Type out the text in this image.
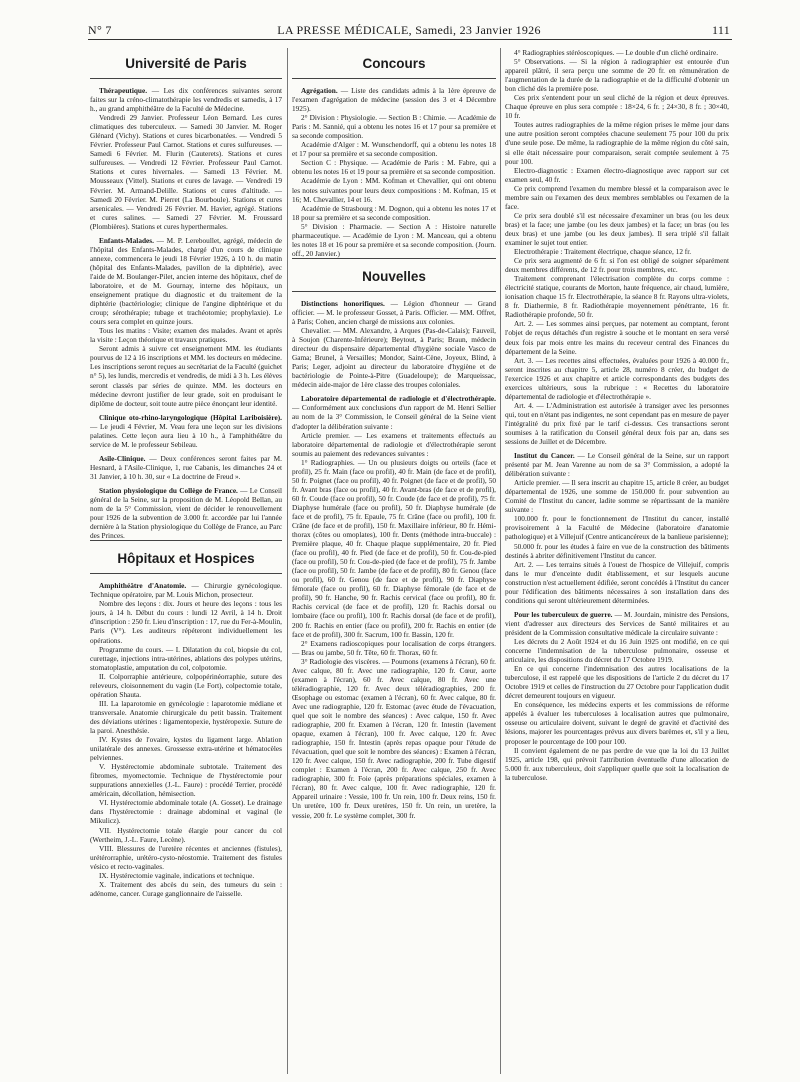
N° 7	LA PRESSE MÉDICALE, Samedi, 23 Janvier 1926	111
Université de Paris

Thérapeutique. — Les dix conférences suivantes seront faites sur la créno-climatothérapie les vendredis et samedis, à 17 h., au grand amphithéâtre de la Faculté de Médecine.

Vendredi 29 Janvier. Professeur Léon Bernard. Les cures climatiques des tuberculeux. — Samedi 30 Janvier. M. Roger Glénard (Vichy). Stations et cures bicarbonatées. — Vendredi 5 Février. Professeur Paul Carnot. Stations et cures sulfureuses. — Samedi 6 Février. M. Flurin (Cauterets). Stations et cures sulfureuses. — Vendredi 12 Février. Professeur Paul Carnot. Stations et cures hivernales. — Samedi 13 Février. M. Mousseaux (Vittel). Stations et cures de lavage. — Vendredi 19 Février. M. Armand-Delille. Stations et cures d'altitude. — Samedi 20 Février. M. Pierret (La Bourboule). Stations et cures arsenicales. — Vendredi 26 Février. M. Havier, agrégé. Stations et cures salines. — Samedi 27 Février. M. Froussard (Plombières). Stations et cures hyperthermales.

Enfants-Malades. — M. P. Lereboullet, agrégé, médecin de l'hôpital des Enfants-Malades, chargé d'un cours de clinique annexe, commencera le jeudi 18 Février 1926, à 10 h. du matin (hôpital des Enfants-Malades, pavillon de la diphtérie), avec l'aide de M. Boulanger-Pilet, ancien interne des hôpitaux, chef de laboratoire, et de M. Gournay, interne des hôpitaux, un enseignement pratique du diagnostic et du traitement de la diphtérie (bactériologie; clinique de l'angine diphtérique et du croup; sérothérapie; tubage et trachéotomie; prophylaxie). Le cours sera complet en quinze jours.

Tous les matins : Visite; examen des malades. Avant et après la visite : Leçon théorique et travaux pratiques.

Seront admis à suivre cet enseignement MM. les étudiants pourvus de 12 à 16 inscriptions et MM. les docteurs en médecine. Les inscriptions seront reçues au secrétariat de la Faculté (guichet n° 5), les lundis, mercredis et vendredis, de midi à 3 h. Les élèves seront classés par séries de quinze. MM. les docteurs en médecine devront justifier de leur grade, soit en produisant le diplôme de docteur, soit toute autre pièce énonçant leur identité.

Clinique oto-rhino-laryngologique (Hôpital Lariboisière). — Le jeudi 4 Février, M. Veau fera une leçon sur les divisions palatines. Cette leçon aura lieu à 10 h., à l'amphithéâtre du service de M. le professeur Sebileau.

Asile-Clinique. — Deux conférences seront faites par M. Hesnard, à l'Asile-Clinique, 1, rue Cabanis, les dimanches 24 et 31 Janvier, à 10 h. 30, sur « La doctrine de Freud ».

Station physiologique du Collège de France. — Le Conseil général de la Seine, sur la proposition de M. Léopold Bellan, au nom de la 5° Commission, vient de décider le renouvellement pour 1926 de la subvention de 3.000 fr. accordée par lui l'année dernière à la Station physiologique du Collège de France, au Parc des Princes.

Hôpitaux et Hospices

Amphithéâtre d'Anatomie. — Chirurgie gynécologique. Technique opératoire, par M. Louis Michon, prosecteur.

Nombre des leçons : dix. Jours et heure des leçons : tous les jours, à 14 h. Début du cours : lundi 12 Avril, à 14 h. Droit d'inscription : 250 fr. Lieu d'inscription : 17, rue du Fer-à-Moulin, Paris (V°). Les auditeurs répéteront individuellement les opérations.

Programme du cours. — I. Dilatation du col, biopsie du col, curettage, injections intra-utérines, ablations des polypes utérins, stomatoplastie, amputation du col, colpotomie.

II. Colporraphie antérieure, colpopérinéorraphie, suture des releveurs, cloisonnement du vagin (Le Fort), colpectomie totale, opération Shauta.

III. La laparotomie en gynécologie : laparotomie médiane et transversale. Anatomie chirurgicale du petit bassin. Traitement des déviations utérines : ligamentopexie, hystéropexie. Suture de la paroi. Anesthésie.

IV. Kystes de l'ovaire, kystes du ligament large. Ablation unilatérale des annexes. Grossesse extra-utérine et hématocèles pelviennes.

V. Hystérectomie abdominale subtotale. Traitement des fibromes, myomectomie. Technique de l'hystérectomie pour suppurations annexielles (J.-L. Faure) : procédé Terrier, procédé américain, décollation, hémisection.

VI. Hystérectomie abdominale totale (A. Gosset). Le drainage dans l'hystérectomie : drainage abdominal et vaginal (le Mikulicz).

VII. Hystérectomie totale élargie pour cancer du col (Wertheim, J.-L. Faure, Lecène).

VIII. Blessures de l'uretère récentes et anciennes (fistules), urétérorraphie, urétéro-cysto-néostomie. Traitement des fistules vésico et recto-vaginales.

IX. Hystérectomie vaginale, indications et technique.

X. Traitement des abcès du sein, des tumeurs du sein : adénome, cancer. Curage ganglionnaire de l'aisselle.

Concours

Agrégation. — Liste des candidats admis à la 1ère épreuve de l'examen d'agrégation de médecine (session des 3 et 4 Décembre 1925).

2° Division : Physiologie. — Section B : Chimie. — Académie de Paris : M. Sannié, qui a obtenu les notes 16 et 17 pour sa première et sa seconde composition.

Académie d'Alger : M. Wunschendorff, qui a obtenu les notes 18 et 17 pour sa première et sa seconde composition.

Section C : Physique. — Académie de Paris : M. Fabre, qui a obtenu les notes 16 et 19 pour sa première et sa seconde composition.

Académie de Lyon : MM. Kofman et Chevallier, qui ont obtenu les notes suivantes pour leurs deux compositions : M. Kofman, 15 et 16; M. Chevallier, 14 et 16.

Académie de Strasbourg : M. Dognon, qui a obtenu les notes 17 et 18 pour sa première et sa seconde composition.

5° Division : Pharmacie. — Section A : Histoire naturelle pharmaceutique. — Académie de Lyon : M. Manceau, qui a obtenu les notes 18 et 16 pour sa première et sa seconde composition. (Journ. off., 20 Janvier.)

Nouvelles

Distinctions honorifiques. — Légion d'honneur — Grand officier. — M. le professeur Gosset, à Paris. Officier. — MM. Offret, à Paris; Cohen, ancien chargé de missions aux colonies.

Chevalier. — MM. Alexandre, à Arques (Pas-de-Calais); Fauveil, à Soujon (Charente-Inférieure); Beytout, à Paris; Braun, médecin directeur du dispensaire départemental d'hygiène sociale Vasco de Gama; Brunel, à Versailles; Mondor, Saint-Cène, Joyeux, Blind, à Paris; Leger, adjoint au directeur du laboratoire d'hygiène et de bactériologie de Pointe-à-Pitre (Guadeloupe); de Marqueissac, médecin aide-major de 1ère classe des troupes coloniales.

Laboratoire départemental de radiologie et d'électrothérapie. — Conformément aux conclusions d'un rapport de M. Henri Sellier au nom de la 3° Commission, le Conseil général de la Seine vient d'adopter la délibération suivante :

Article premier. — Les examens et traitements effectués au laboratoire départemental de radiologie et d'électrothérapie seront soumis au paiement des redevances suivantes :

1° Radiographies. — Un ou plusieurs doigts ou orteils (face et profil), 25 fr. Main (face ou profil), 40 fr. Main (de face et de profil), 50 fr. Poignet (face ou profil), 40 fr. Poignet (de face et de profil), 50 fr. Avant bras (face ou profil), 40 fr. Avant-bras (de face et de profil), 60 fr. Coude (face ou profil), 50 fr. Coude (de face et de profil), 75 fr. Diaphyse humérale (face ou profil), 50 fr. Diaphyse humérale (de face et de profil), 75 fr. Epaule, 75 fr. Crâne (face ou profil), 100 fr. Crâne (de face et de profil), 150 fr. Maxillaire inférieur, 80 fr. Hémi-thorax (côtes ou omoplates), 100 fr. Dents (méthode intra-buccale) : Première plaque, 40 fr. Chaque plaque supplémentaire, 20 fr. Pied (face ou profil), 40 fr. Pied (de face et de profil), 50 fr. Cou-de-pied (face ou profil), 50 fr. Cou-de-pied (de face et de profil), 75 fr. Jambe (face ou profil), 50 fr. Jambe (de face et de profil), 80 fr. Genou (face ou profil), 60 fr. Genou (de face et de profil), 90 fr. Diaphyse fémorale (face ou profil), 60 fr. Diaphyse fémorale (de face et de profil), 90 fr. Hanche, 90 fr. Rachis cervical (face ou profil), 80 fr. Rachis cervical (de face et de profil), 120 fr. Rachis dorsal ou lombaire (face ou profil), 100 fr. Rachis dorsal (de face et de profil), 200 fr. Rachis en entier (face ou profil), 200 fr. Rachis en entier (de face et de profil), 300 fr. Sacrum, 100 fr. Bassin, 120 fr.

2° Examens radioscopiques pour localisation de corps étrangers. — Bras ou jambe, 50 fr. Tête, 60 fr. Thorax, 60 fr.

3° Radiologie des viscères. — Poumons (examens à l'écran), 60 fr. Avec calque, 80 fr. Avec une radiographie, 120 fr. Cœur, aorte (examen à l'écran), 60 fr. Avec calque, 80 fr. Avec une téléradiographie, 120 fr. Avec deux téléradiographies, 200 fr. Œsophage ou estomac (examen à l'écran), 60 fr. Avec calque, 80 fr. Avec une radiographie, 120 fr. Estomac (avec étude de l'évacuation, quel que soit le nombre des séances) : Avec calque, 150 fr. Avec radiographie, 200 fr. Examen à l'écran, 120 fr. Intestin (lavement opaque, examen à l'écran), 100 fr. Avec calque, 120 fr. Avec radiographie, 150 fr. Intestin (après repas opaque pour l'étude de l'évacuation, quel que soit le nombre des séances) : Examen à l'écran, 120 fr. Avec calque, 150 fr. Avec radiographie, 200 fr. Tube digestif complet : Examen à l'écran, 200 fr. Avec calque, 250 fr. Avec radiographie, 300 fr. Foie (après préparations spéciales, examen à l'écran), 80 fr. Avec calque, 100 fr. Avec radiographie, 120 fr. Appareil urinaire : Vessie, 100 fr. Un rein, 100 fr. Deux reins, 150 fr. Un uretère, 100 fr. Deux uretères, 150 fr. Un rein, un uretère, la vessie, 200 fr. Le système complet, 300 fr.

4° Radiographies stéréoscopiques. — Le double d'un cliché ordinaire.

5° Observations. — Si la région à radiographier est entourée d'un appareil plâtré, il sera perçu une somme de 20 fr. en rémunération de l'augmentation de la durée de la radiographie et de la difficulté d'obtenir un bon cliché dès la première pose.

Ces prix s'entendent pour un seul cliché de la région et deux épreuves. Chaque épreuve en plus sera comptée : 18×24, 6 fr. ; 24×30, 8 fr. ; 30×40, 10 fr.

Toutes autres radiographies de la même région prises le même jour dans une autre position seront comptées chacune seulement 75 pour 100 du prix d'une seule pose. De même, la radiographie de la même région du côté sain, si elle était nécessaire pour comparaison, serait comptée seulement à 75 pour 100.

Electro-diagnostic : Examen électro-diagnostique avec rapport sur cet examen seul, 40 fr.

Ce prix comprend l'examen du membre blessé et la comparaison avec le membre sain ou l'examen des deux membres semblables ou l'examen de la face.

Ce prix sera doublé s'il est nécessaire d'examiner un bras (ou les deux bras) et la face; une jambe (ou les deux jambes) et la face; un bras (ou les deux bras) et une jambe (ou les deux jambes). Il sera triplé s'il fallait examiner le sujet tout entier.

Electrothérapie : Traitement électrique, chaque séance, 12 fr.

Ce prix sera augmenté de 6 fr. si l'on est obligé de soigner séparément deux membres différents, de 12 fr. pour trois membres, etc.

Traitement comprenant l'électrisation complète du corps comme : électricité statique, courants de Morton, haute fréquence, air chaud, lumière, ionisation chaque 15 fr. Electrothérapie, la séance 8 fr. Rayons ultra-violets, 8 fr. Diathermie, 8 fr. Radiothérapie moyennement pénétrante, 16 fr. Radiothérapie profonde, 50 fr.

Art. 2. — Les sommes ainsi perçues, par notement au comptant, feront l'objet de reçus détachés d'un registre à souche et le montant en sera versé deux fois par mois entre les mains du receveur central des Finances du département de la Seine.

Art. 3. — Les recettes ainsi effectuées, évaluées pour 1926 à 40.000 fr., seront inscrites au chapitre 5, article 28, numéro 8 créer, du budget de l'exercice 1926 et aux chapitre et article correspondants des budgets des exercices ultérieurs, sous la rubrique : « Recettes du laboratoire départemental de radiologie et d'électrothérapie ».

Art. 4. — L'Administration est autorisée à transiger avec les personnes qui, tout en n'étant pas indigentes, ne sont cependant pas en mesure de payer l'intégralité du prix fixé par le tarif ci-dessus. Ces transactions seront soumises à la ratification du Conseil général deux fois par an, dans ses sessions de Juillet et de Décembre.

Institut du Cancer. — Le Conseil général de la Seine, sur un rapport présenté par M. Jean Varenne au nom de sa 3° Commission, a adopté la délibération suivante :

Article premier. — Il sera inscrit au chapitre 15, article 8 créer, au budget départemental de 1926, une somme de 150.000 fr. pour subvention au Comité de l'Institut du cancer, ladite somme se répartissant de la manière suivante :

100.000 fr. pour le fonctionnement de l'Institut du cancer, installé provisoirement à la Faculté de Médecine (laboratoire d'anatomie pathologique) et à Villejuif (Centre anticancéreux de la banlieue parisienne);

50.000 fr. pour les études à faire en vue de la construction des bâtiments destinés à abriter définitivement l'Institut du cancer.

Art. 2. — Les terrains situés à l'ouest de l'hospice de Villejuif, compris dans le mur d'enceinte dudit établissement, et sur lesquels aucune construction n'est actuellement édifiée, seront concédés à l'Institut du cancer pour l'édification des bâtiments nécessaires à son installation dans des conditions qui seront ultérieurement déterminées.

Pour les tuberculeux de guerre. — M. Jourdain, ministre des Pensions, vient d'adresser aux directeurs des Services de Santé militaires et au président de la Commission consultative médicale la circulaire suivante :

Les décrets du 2 Août 1924 et du 16 Juin 1925 ont modifié, en ce qui concerne l'indemnisation de la tuberculose pulmonaire, osseuse et articulaire, les dispositions du décret du 17 Octobre 1919.

En ce qui concerne l'indemnisation des autres localisations de la tuberculose, il est rappelé que les dispositions de l'article 2 du décret du 17 Octobre 1919 et celles de l'instruction du 27 Octobre pour l'application dudit décret demeurent toujours en vigueur.

En conséquence, les médecins experts et les commissions de réforme appelés à évaluer les tuberculoses à localisation autres que pulmonaire, osseuse ou articulaire doivent, suivant le degré de gravité et d'activité des lésions, majorer les pourcentages prévus aux divers barèmes et, s'il y a lieu, proposer le pourcentage de 100 pour 100.

Il convient également de ne pas perdre de vue que la loi du 13 Juillet 1925, article 198, qui prévoit l'attribution éventuelle d'une allocation de 5.000 fr. aux tuberculeux, doit s'appliquer quelle que soit la localisation de la tuberculose.
